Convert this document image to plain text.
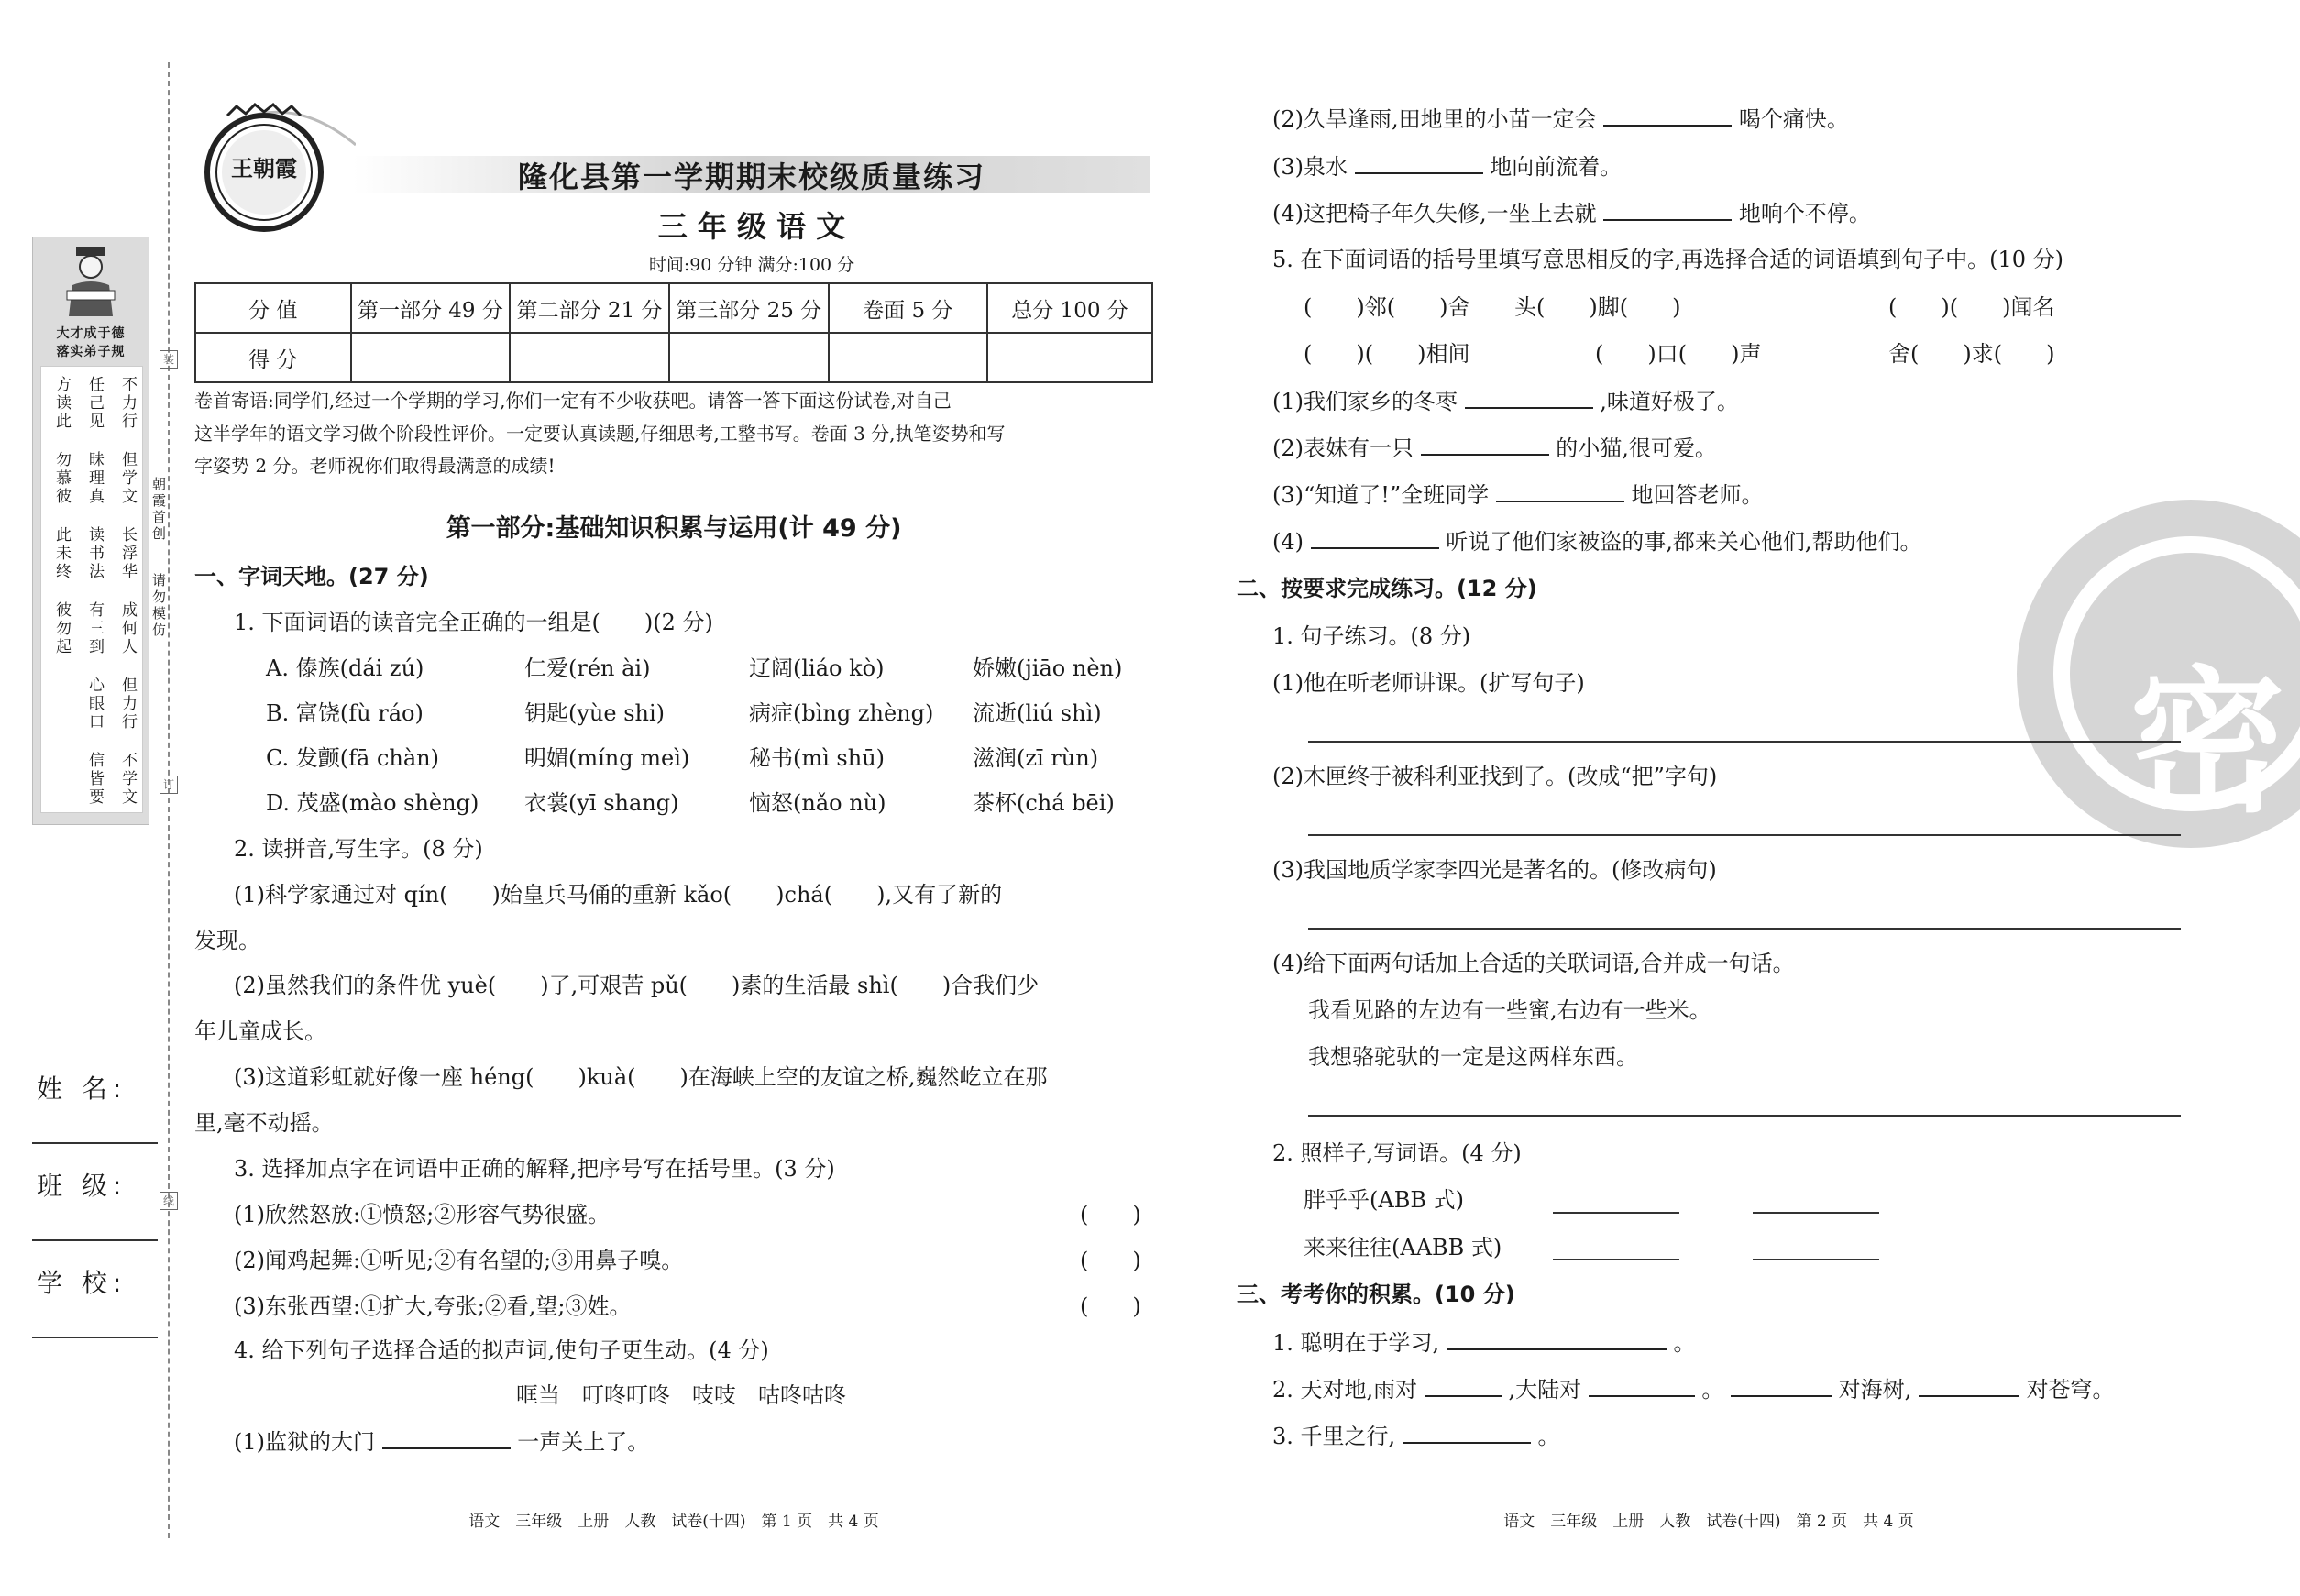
装
订
线
朝霞首创
请勿模仿
大才成于德
落实弟子规
不力行
但学文
长浮华
成何人
但力行
不学文
任己见
昧理真
读书法
有三到
心眼口
信皆要
方读此
勿慕彼
此未终
彼勿起
姓 名:
班 级:
学 校:
王朝霞	隆化县第一学期期末校级质量练习
三 年 级 语 文
时间:90 分钟 满分:100 分
分 值	第一部分 49 分	第二部分 21 分	第三部分 25 分	卷面 5 分	总分 100 分
得 分					
卷首寄语:同学们,经过一个学期的学习,你们一定有不少收获吧。请答一答下面这份试卷,对自己
这半学年的语文学习做个阶段性评价。一定要认真读题,仔细思考,工整书写。卷面 3 分,执笔姿势和写
字姿势 2 分。老师祝你们取得最满意的成绩!
第一部分:基础知识积累与运用(计 49 分)
一、字词天地。(27 分)
1. 下面词语的读音完全正确的一组是(　　)(2 分)
A. 傣族(dái zú)	仁爱(rén ài)	辽阔(liáo kò)	娇嫩(jiāo nèn)
B. 富饶(fù ráo)	钥匙(yùe shi)	病症(bìng zhèng) 流逝(liú shì)
C. 发颤(fā chàn)	明媚(míng meì)	秘书(mì shū)	滋润(zī rùn)
D. 茂盛(mào shèng) 衣裳(yī shang)	恼怒(nǎo nù)	茶杯(chá bēi)
2. 读拼音,写生字。(8 分)
(1)科学家通过对 qín(　　)始皇兵马俑的重新 kǎo(　　)chá(　　),又有了新的
发现。
(2)虽然我们的条件优 yuè(　　)了,可艰苦 pǔ(　　)素的生活最 shì(　　)合我们少
年儿童成长。
(3)这道彩虹就好像一座 héng(　　)kuà(　　)在海峡上空的友谊之桥,巍然屹立在那
里,毫不动摇。
3. 选择加点字在词语中正确的解释,把序号写在括号里。(3 分)
(1)欣然怒放:①愤怒;②形容气势很盛。	(　　)
(2)闻鸡起舞:①听见;②有名望的;③用鼻子嗅。	(　　)
(3)东张西望:①扩大,夸张;②看,望;③姓。	(　　)
4. 给下列句子选择合适的拟声词,使句子更生动。(4 分)
哐当　叮咚叮咚　吱吱　咕咚咕咚
(1)监狱的大门	一声关上了。
语文　三年级　上册　人教　试卷(十四)　第 1 页　共 4 页
密
(2)久旱逢雨,田地里的小苗一定会	喝个痛快。
(3)泉水	地向前流着。
(4)这把椅子年久失修,一坐上去就	地响个不停。
5. 在下面词语的括号里填写意思相反的字,再选择合适的词语填到句子中。(10 分)
(　　)邻(　　)舍 头(　　)脚(　　)	(　　)(　　)闻名
(　　)(　　)相间	(　　)口(　　)声	舍(　　)求(　　)
(1)我们家乡的冬枣	,味道好极了。
(2)表妹有一只	的小猫,很可爱。
(3)“知道了!”全班同学	地回答老师。
(4)	听说了他们家被盗的事,都来关心他们,帮助他们。
二、按要求完成练习。(12 分)
1. 句子练习。(8 分)
(1)他在听老师讲课。(扩写句子)
(2)木匣终于被科利亚找到了。(改成“把”字句)
(3)我国地质学家李四光是著名的。(修改病句)
(4)给下面两句话加上合适的关联词语,合并成一句话。
我看见路的左边有一些蜜,右边有一些米。
我想骆驼驮的一定是这两样东西。
2. 照样子,写词语。(4 分)
胖乎乎(ABB 式)
来来往往(AABB 式)
三、考考你的积累。(10 分)
1. 聪明在于学习,	。
2. 天对地,雨对	,大陆对	。	对海树,	对苍穹。
3. 千里之行,	。
语文　三年级　上册　人教　试卷(十四)　第 2 页　共 4 页
